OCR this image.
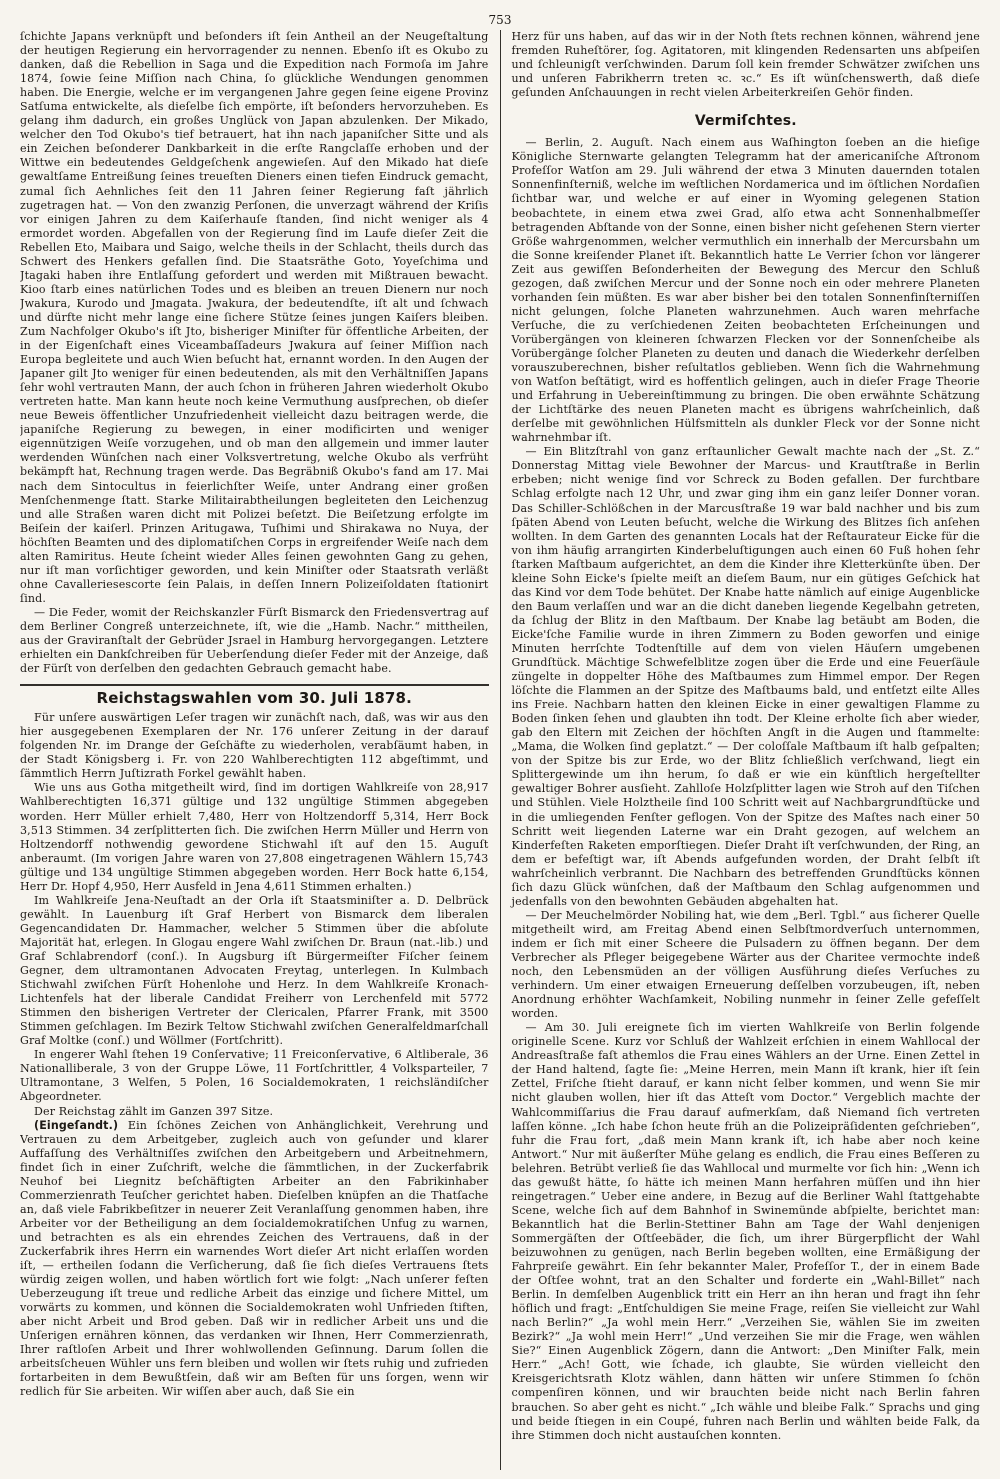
753

ſchichte Japans verknüpft und beſonders iſt ſein Antheil an der Neugeſtaltung der heutigen Regierung ein hervorragender zu nennen. Ebenſo iſt es Okubo zu danken, daß die Rebellion in Saga und die Expedition nach Formoſa im Jahre 1874, ſowie ſeine Miſſion nach China, ſo glückliche Wendungen genommen haben. Die Energie, welche er im vergangenen Jahre gegen ſeine eigene Provinz Satſuma entwickelte, als dieſelbe ſich empörte, iſt beſonders hervorzuheben. Es gelang ihm dadurch, ein großes Unglück von Japan abzulenken. Der Mikado, welcher den Tod Okubo's tief betrauert, hat ihn nach japaniſcher Sitte und als ein Zeichen beſonderer Dankbarkeit in die erſte Rangclaſſe erhoben und der Wittwe ein bedeutendes Geldgeſchenk angewieſen. Auf den Mikado hat dieſe gewaltſame Entreißung ſeines treueſten Dieners einen tiefen Eindruck gemacht, zumal ſich Aehnliches ſeit den 11 Jahren ſeiner Regierung faſt jährlich zugetragen hat. — Von den zwanzig Perſonen, die unverzagt während der Kriſis vor einigen Jahren zu dem Kaiſerhauſe ſtanden, ſind nicht weniger als 4 ermordet worden. Abgefallen von der Regierung ſind im Laufe dieſer Zeit die Rebellen Eto, Maibara und Saigo, welche theils in der Schlacht, theils durch das Schwert des Henkers gefallen ſind. Die Staatsräthe Goto, Yoyeſchima und Jtagaki haben ihre Entlaſſung gefordert und werden mit Mißtrauen bewacht. Kioo ſtarb eines natürlichen Todes und es bleiben an treuen Dienern nur noch Jwakura, Kurodo und Jmagata. Jwakura, der bedeutendſte, iſt alt und ſchwach und dürfte nicht mehr lange eine ſichere Stütze ſeines jungen Kaiſers bleiben. Zum Nachfolger Okubo's iſt Jto, bisheriger Miniſter für öffentliche Arbeiten, der in der Eigenſchaft eines Viceambaſſadeurs Jwakura auf ſeiner Miſſion nach Europa begleitete und auch Wien beſucht hat, ernannt worden. In den Augen der Japaner gilt Jto weniger für einen bedeutenden, als mit den Verhältniſſen Japans ſehr wohl vertrauten Mann, der auch ſchon in früheren Jahren wiederholt Okubo vertreten hatte. Man kann heute noch keine Vermuthung ausſprechen, ob dieſer neue Beweis öffentlicher Unzufriedenheit vielleicht dazu beitragen werde, die japaniſche Regierung zu bewegen, in einer modificirten und weniger eigennützigen Weiſe vorzugehen, und ob man den allgemein und immer lauter werdenden Wünſchen nach einer Volksvertretung, welche Okubo als verfrüht bekämpft hat, Rechnung tragen werde. Das Begräbniß Okubo's fand am 17. Mai nach dem Sintocultus in feierlichſter Weiſe, unter Andrang einer großen Menſchenmenge ſtatt. Starke Militairabtheilungen begleiteten den Leichenzug und alle Straßen waren dicht mit Polizei beſetzt. Die Beiſetzung erfolgte im Beiſein der kaiſerl. Prinzen Aritugawa, Tuſhimi und Shirakawa no Nuya, der höchſten Beamten und des diplomatiſchen Corps in ergreifender Weiſe nach dem alten Ramiritus. Heute ſcheint wieder Alles ſeinen gewohnten Gang zu gehen, nur iſt man vorſichtiger geworden, und kein Miniſter oder Staatsrath verläßt ohne Cavalleriesescorte ſein Palais, in deſſen Innern Polizeiſoldaten ſtationirt ſind.

— Die Feder, womit der Reichskanzler Fürſt Bismarck den Friedensvertrag auf dem Berliner Congreß unterzeichnete, iſt, wie die „Hamb. Nachr.“ mittheilen, aus der Graviranſtalt der Gebrüder Jsrael in Hamburg hervorgegangen. Letztere erhielten ein Dankſchreiben für Ueberſendung dieſer Feder mit der Anzeige, daß der Fürſt von derſelben den gedachten Gebrauch gemacht habe.

Reichstagswahlen vom 30. Juli 1878.

Für unſere auswärtigen Leſer tragen wir zunächſt nach, daß, was wir aus den hier ausgegebenen Exemplaren der Nr. 176 unſerer Zeitung in der darauf folgenden Nr. im Drange der Geſchäfte zu wiederholen, verabſäumt haben, in der Stadt Königsberg i. Fr. von 220 Wahlberechtigten 112 abgeſtimmt, und ſämmtlich Herrn Juſtizrath Forkel gewählt haben.

Wie uns aus Gotha mitgetheilt wird, ſind im dortigen Wahlkreiſe von 28,917 Wahlberechtigten 16,371 gültige und 132 ungültige Stimmen abgegeben worden. Herr Müller erhielt 7,480, Herr von Holtzendorff 5,314, Herr Bock 3,513 Stimmen. 34 zerſplitterten ſich. Die zwiſchen Herrn Müller und Herrn von Holtzendorff nothwendig gewordene Stichwahl iſt auf den 15. Auguſt anberaumt. (Im vorigen Jahre waren von 27,808 eingetragenen Wählern 15,743 gültige und 134 ungültige Stimmen abgegeben worden. Herr Bock hatte 6,154, Herr Dr. Hopf 4,950, Herr Ausfeld in Jena 4,611 Stimmen erhalten.)

Im Wahlkreiſe Jena-Neuſtadt an der Orla iſt Staatsminiſter a. D. Delbrück gewählt. In Lauenburg iſt Graf Herbert von Bismarck dem liberalen Gegencandidaten Dr. Hammacher, welcher 5 Stimmen über die abſolute Majorität hat, erlegen. In Glogau engere Wahl zwiſchen Dr. Braun (nat.-lib.) und Graf Schlabrendorf (conſ.). In Augsburg iſt Bürgermeiſter Fiſcher ſeinem Gegner, dem ultramontanen Advocaten Freytag, unterlegen. In Kulmbach Stichwahl zwiſchen Fürſt Hohenlohe und Herz. In dem Wahlkreiſe Kronach-Lichtenfels hat der liberale Candidat Freiherr von Lerchenfeld mit 5772 Stimmen den bisherigen Vertreter der Clericalen, Pfarrer Frank, mit 3500 Stimmen geſchlagen. Im Bezirk Teltow Stichwahl zwiſchen Generalfeldmarſchall Graf Moltke (conſ.) und Wöllmer (Fortſchritt).

In engerer Wahl ſtehen 19 Conſervative; 11 Freiconſervative, 6 Altliberale, 36 Nationalliberale, 3 von der Gruppe Löwe, 11 Fortſchrittler, 4 Volksparteiler, 7 Ultramontane, 3 Welfen, 5 Polen, 16 Socialdemokraten, 1 reichsländiſcher Abgeordneter.

Der Reichstag zählt im Ganzen 397 Sitze.

(Eingeſandt.) Ein ſchönes Zeichen von Anhänglichkeit, Verehrung und Vertrauen zu dem Arbeitgeber, zugleich auch von geſunder und klarer Auffaſſung des Verhältniſſes zwiſchen den Arbeitgebern und Arbeitnehmern, findet ſich in einer Zuſchrift, welche die ſämmtlichen, in der Zuckerfabrik Neuhof bei Liegnitz beſchäftigten Arbeiter an den Fabrikinhaber Commerzienrath Teuſcher gerichtet haben. Dieſelben knüpfen an die Thatſache an, daß viele Fabrikbeſitzer in neuerer Zeit Veranlaſſung genommen haben, ihre Arbeiter vor der Betheiligung an dem ſocialdemokratiſchen Unfug zu warnen, und betrachten es als ein ehrendes Zeichen des Vertrauens, daß in der Zuckerfabrik ihres Herrn ein warnendes Wort dieſer Art nicht erlaſſen worden iſt, — ertheilen ſodann die Verſicherung, daß ſie ſich dieſes Vertrauens ſtets würdig zeigen wollen, und haben wörtlich fort wie folgt: „Nach unſerer feſten Ueberzeugung iſt treue und redliche Arbeit das einzige und ſichere Mittel, um vorwärts zu kommen, und können die Socialdemokraten wohl Unfrieden ſtiften, aber nicht Arbeit und Brod geben. Daß wir in redlicher Arbeit uns und die Unſerigen ernähren können, das verdanken wir Ihnen, Herr Commerzienrath, Ihrer raſtloſen Arbeit und Ihrer wohlwollenden Geſinnung. Darum ſollen die arbeitsſcheuen Wühler uns fern bleiben und wollen wir ſtets ruhig und zufrieden fortarbeiten in dem Bewußtſein, daß wir am Beſten für uns ſorgen, wenn wir redlich für Sie arbeiten. Wir wiſſen aber auch, daß Sie ein

Herz für uns haben, auf das wir in der Noth ſtets rechnen können, während jene fremden Ruheſtörer, ſog. Agitatoren, mit klingenden Redensarten uns abſpeiſen und ſchleunigſt verſchwinden. Darum ſoll kein fremder Schwätzer zwiſchen uns und unſeren Fabrikherrn treten ꝛc. ꝛc.“ Es iſt wünſchenswerth, daß dieſe geſunden Anſchauungen in recht vielen Arbeiterkreiſen Gehör finden.

Vermiſchtes.

— Berlin, 2. Auguſt. Nach einem aus Waſhington ſoeben an die hieſige Königliche Sternwarte gelangten Telegramm hat der americaniſche Aſtronom Profeſſor Watſon am 29. Juli während der etwa 3 Minuten dauernden totalen Sonnenfinſterniß, welche im weſtlichen Nordamerica und im öſtlichen Nordaſien ſichtbar war, und welche er auf einer in Wyoming gelegenen Station beobachtete, in einem etwa zwei Grad, alſo etwa acht Sonnenhalbmeſſer betragenden Abſtande von der Sonne, einen bisher nicht geſehenen Stern vierter Größe wahrgenommen, welcher vermuthlich ein innerhalb der Mercursbahn um die Sonne kreiſender Planet iſt. Bekanntlich hatte Le Verrier ſchon vor längerer Zeit aus gewiſſen Beſonderheiten der Bewegung des Mercur den Schluß gezogen, daß zwiſchen Mercur und der Sonne noch ein oder mehrere Planeten vorhanden ſein müßten. Es war aber bisher bei den totalen Sonnenfinſterniſſen nicht gelungen, ſolche Planeten wahrzunehmen. Auch waren mehrfache Verſuche, die zu verſchiedenen Zeiten beobachteten Erſcheinungen und Vorübergängen von kleineren ſchwarzen Flecken vor der Sonnenſcheibe als Vorübergänge ſolcher Planeten zu deuten und danach die Wiederkehr derſelben vorauszuberechnen, bisher reſultatlos geblieben. Wenn ſich die Wahrnehmung von Watſon beſtätigt, wird es hoffentlich gelingen, auch in dieſer Frage Theorie und Erfahrung in Uebereinſtimmung zu bringen. Die oben erwähnte Schätzung der Lichtſtärke des neuen Planeten macht es übrigens wahrſcheinlich, daß derſelbe mit gewöhnlichen Hülfsmitteln als dunkler Fleck vor der Sonne nicht wahrnehmbar iſt.

— Ein Blitzſtrahl von ganz erſtaunlicher Gewalt machte nach der „St. Z.“ Donnerstag Mittag viele Bewohner der Marcus- und Krautſtraße in Berlin erbeben; nicht wenige ſind vor Schreck zu Boden gefallen. Der furchtbare Schlag erfolgte nach 12 Uhr, und zwar ging ihm ein ganz leiſer Donner voran. Das Schiller-Schlößchen in der Marcusſtraße 19 war bald nachher und bis zum ſpäten Abend von Leuten beſucht, welche die Wirkung des Blitzes ſich anſehen wollten. In dem Garten des genannten Locals hat der Reſtaurateur Eicke für die von ihm häufig arrangirten Kinderbeluſtigungen auch einen 60 Fuß hohen ſehr ſtarken Maſtbaum aufgerichtet, an dem die Kinder ihre Kletterkünſte üben. Der kleine Sohn Eicke's ſpielte meiſt an dieſem Baum, nur ein gütiges Geſchick hat das Kind vor dem Tode behütet. Der Knabe hatte nämlich auf einige Augenblicke den Baum verlaſſen und war an die dicht daneben liegende Kegelbahn getreten, da ſchlug der Blitz in den Maſtbaum. Der Knabe lag betäubt am Boden, die Eicke'ſche Familie wurde in ihren Zimmern zu Boden geworfen und einige Minuten herrſchte Todtenſtille auf dem von vielen Häuſern umgebenen Grundſtück. Mächtige Schwefelblitze zogen über die Erde und eine Feuerſäule züngelte in doppelter Höhe des Maſtbaumes zum Himmel empor. Der Regen löſchte die Flammen an der Spitze des Maſtbaums bald, und entſetzt eilte Alles ins Freie. Nachbarn hatten den kleinen Eicke in einer gewaltigen Flamme zu Boden ſinken ſehen und glaubten ihn todt. Der Kleine erholte ſich aber wieder, gab den Eltern mit Zeichen der höchſten Angſt in die Augen und ſtammelte: „Mama, die Wolken ſind geplatzt.“ — Der coloſſale Maſtbaum iſt halb geſpalten; von der Spitze bis zur Erde, wo der Blitz ſchließlich verſchwand, liegt ein Splittergewinde um ihn herum, ſo daß er wie ein künſtlich hergeſtellter gewaltiger Bohrer ausſieht. Zahlloſe Holzſplitter lagen wie Stroh auf den Tiſchen und Stühlen. Viele Holztheile ſind 100 Schritt weit auf Nachbargrundſtücke und in die umliegenden Fenſter geflogen. Von der Spitze des Maſtes nach einer 50 Schritt weit liegenden Laterne war ein Draht gezogen, auf welchem an Kinderfeſten Raketen emporſtiegen. Dieſer Draht iſt verſchwunden, der Ring, an dem er befeſtigt war, iſt Abends aufgefunden worden, der Draht ſelbſt iſt wahrſcheinlich verbrannt. Die Nachbarn des betreffenden Grundſtücks können ſich dazu Glück wünſchen, daß der Maſtbaum den Schlag aufgenommen und jedenfalls von den bewohnten Gebäuden abgehalten hat.

— Der Meuchelmörder Nobiling hat, wie dem „Berl. Tgbl.“ aus ſicherer Quelle mitgetheilt wird, am Freitag Abend einen Selbſtmordverſuch unternommen, indem er ſich mit einer Scheere die Pulsadern zu öffnen begann. Der dem Verbrecher als Pfleger beigegebene Wärter aus der Charitee vermochte indeß noch, den Lebensmüden an der völligen Ausführung dieſes Verſuches zu verhindern. Um einer etwaigen Erneuerung deſſelben vorzubeugen, iſt, neben Anordnung erhöhter Wachſamkeit, Nobiling nunmehr in ſeiner Zelle gefeſſelt worden.

— Am 30. Juli ereignete ſich im vierten Wahlkreiſe von Berlin folgende originelle Scene. Kurz vor Schluß der Wahlzeit erſchien in einem Wahllocal der Andreasſtraße faſt athemlos die Frau eines Wählers an der Urne. Einen Zettel in der Hand haltend, ſagte ſie: „Meine Herren, mein Mann iſt krank, hier iſt ſein Zettel, Friſche ſtieht darauf, er kann nicht ſelber kommen, und wenn Sie mir nicht glauben wollen, hier iſt das Atteſt vom Doctor.“ Vergeblich machte der Wahlcommiſſarius die Frau darauf aufmerkſam, daß Niemand ſich vertreten laſſen könne. „Ich habe ſchon heute früh an die Polizeipräſidenten geſchrieben“, fuhr die Frau fort, „daß mein Mann krank iſt, ich habe aber noch keine Antwort.“ Nur mit äußerſter Mühe gelang es endlich, die Frau eines Beſſeren zu belehren. Betrübt verließ ſie das Wahllocal und murmelte vor ſich hin: „Wenn ich das gewußt hätte, ſo hätte ich meinen Mann herfahren müſſen und ihn hier reingetragen.“ Ueber eine andere, in Bezug auf die Berliner Wahl ſtattgehabte Scene, welche ſich auf dem Bahnhof in Swinemünde abſpielte, berichtet man: Bekanntlich hat die Berlin-Stettiner Bahn am Tage der Wahl denjenigen Sommergäſten der Oſtſeebäder, die ſich, um ihrer Bürgerpflicht der Wahl beizuwohnen zu genügen, nach Berlin begeben wollten, eine Ermäßigung der Fahrpreiſe gewährt. Ein ſehr bekannter Maler, Profeſſor T., der in einem Bade der Oſtſee wohnt, trat an den Schalter und forderte ein „Wahl-Billet“ nach Berlin. In demſelben Augenblick tritt ein Herr an ihn heran und fragt ihn ſehr höflich und fragt: „Entſchuldigen Sie meine Frage, reiſen Sie vielleicht zur Wahl nach Berlin?“ „Ja wohl mein Herr.“ „Verzeihen Sie, wählen Sie im zweiten Bezirk?“ „Ja wohl mein Herr!“ „Und verzeihen Sie mir die Frage, wen wählen Sie?“ Einen Augenblick Zögern, dann die Antwort: „Den Miniſter Falk, mein Herr.“ „Ach! Gott, wie ſchade, ich glaubte, Sie würden vielleicht den Kreisgerichtsrath Klotz wählen, dann hätten wir unſere Stimmen ſo ſchön compenſiren können, und wir brauchten beide nicht nach Berlin fahren brauchen. So aber geht es nicht.“ „Ich wähle und bleibe Falk.“ Sprachs und ging und beide ſtiegen in ein Coupé, fuhren nach Berlin und wählten beide Falk, da ihre Stimmen doch nicht austauſchen konnten.
